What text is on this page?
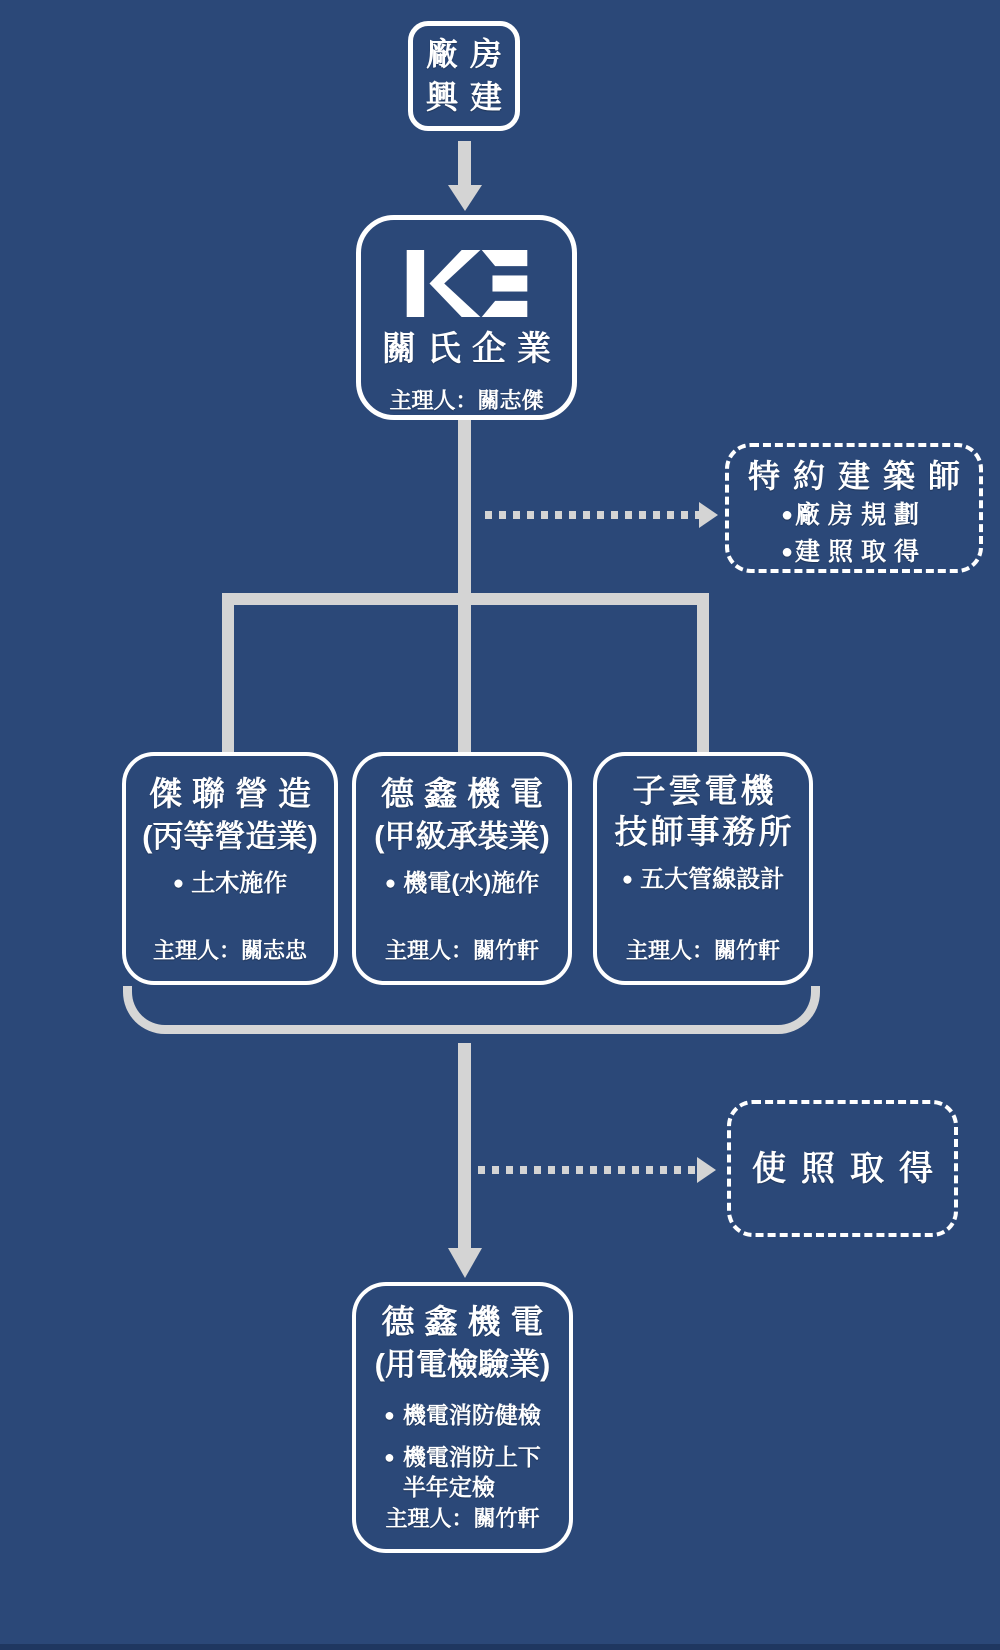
廠房
興建
關氏企業
主理人：關志傑
特約建築師
● 廠房規劃
● 建照取得
傑聯營造
(丙等營造業)
● 土木施作
主理人：關志忠
德鑫機電
(甲級承裝業)
● 機電(水)施作
主理人：關竹軒
子雲電機
技師事務所
● 五大管線設計
主理人：關竹軒
使照取得
德鑫機電
(用電檢驗業)
● 機電消防健檢
● 機電消防上下半年定檢
主理人：關竹軒
